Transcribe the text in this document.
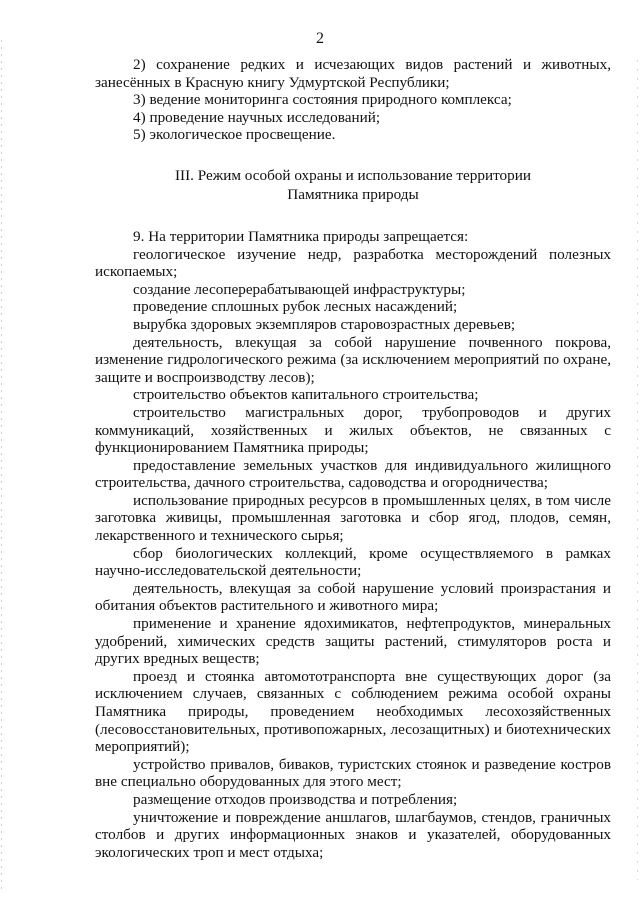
2

2) сохранение редких и исчезающих видов растений и животных, занесённых в Красную книгу Удмуртской Республики;

3) ведение мониторинга состояния природного комплекса;

4) проведение научных исследований;

5) экологическое просвещение.

III. Режим особой охраны и использование территории
Памятника природы

9. На территории Памятника природы запрещается:

геологическое изучение недр, разработка месторождений полезных ископаемых;

создание лесоперерабатывающей инфраструктуры;

проведение сплошных рубок лесных насаждений;

вырубка здоровых экземпляров старовозрастных деревьев;

деятельность, влекущая за собой нарушение почвенного покрова, изменение гидрологического режима (за исключением мероприятий по охране, защите и воспроизводству лесов);

строительство объектов капитального строительства;

строительство магистральных дорог, трубопроводов и других коммуникаций, хозяйственных и жилых объектов, не связанных с функционированием Памятника природы;

предоставление земельных участков для индивидуального жилищного строительства, дачного строительства, садоводства и огородничества;

использование природных ресурсов в промышленных целях, в том числе заготовка живицы, промышленная заготовка и сбор ягод, плодов, семян, лекарственного и технического сырья;

сбор биологических коллекций, кроме осуществляемого в рамках научно-исследовательской деятельности;

деятельность, влекущая за собой нарушение условий произрастания и обитания объектов растительного и животного мира;

применение и хранение ядохимикатов, нефтепродуктов, минеральных удобрений, химических средств защиты растений, стимуляторов роста и других вредных веществ;

проезд и стоянка автомототранспорта вне существующих дорог (за исключением случаев, связанных с соблюдением режима особой охраны Памятника природы, проведением необходимых лесохозяйственных (лесовосстановительных, противопожарных, лесозащитных) и биотехнических мероприятий);

устройство привалов, биваков, туристских стоянок и разведение костров вне специально оборудованных для этого мест;

размещение отходов производства и потребления;

уничтожение и повреждение аншлагов, шлагбаумов, стендов, граничных столбов и других информационных знаков и указателей, оборудованных экологических троп и мест отдыха;
